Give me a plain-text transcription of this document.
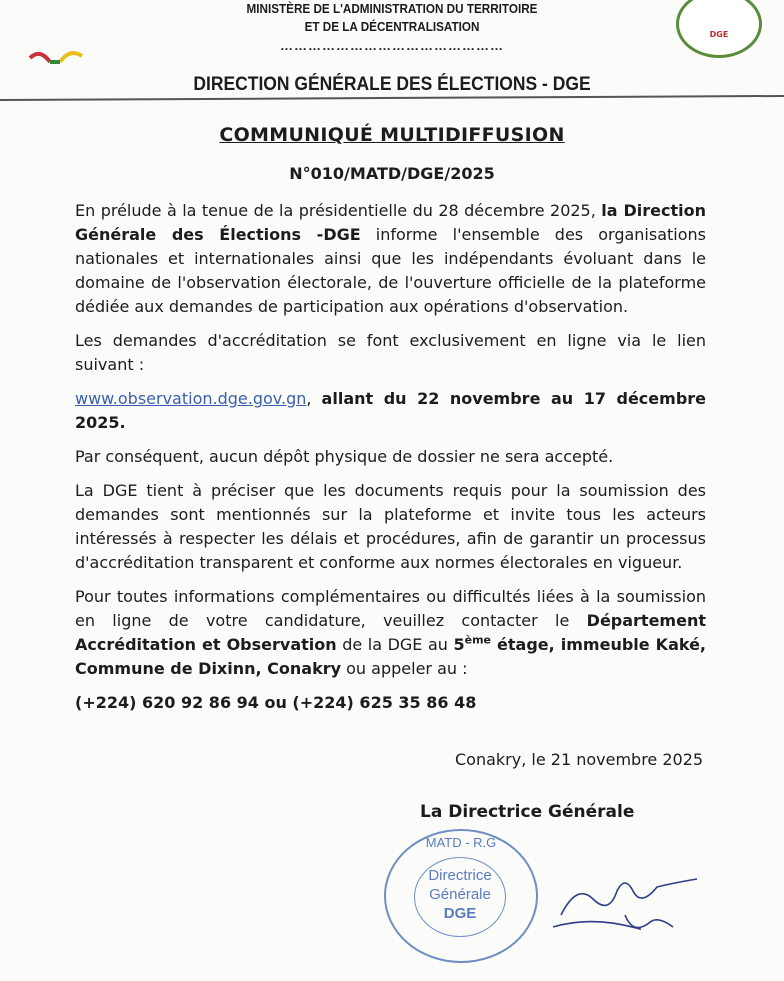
MINISTÈRE DE L'ADMINISTRATION DU TERRITOIRE
ET DE LA DÉCENTRALISATION
…………………………………………
DIRECTION GÉNÉRALE DES ÉLECTIONS - DGE
DGE
COMMUNIQUÉ MULTIDIFFUSION
N°010/MATD/DGE/2025

En prélude à la tenue de la présidentielle du 28 décembre 2025, la Direction Générale des Élections -DGE informe l'ensemble des organisations nationales et internationales ainsi que les indépendants évoluant dans le domaine de l'observation électorale, de l'ouverture officielle de la plateforme dédiée aux demandes de participation aux opérations d'observation.

Les demandes d'accréditation se font exclusivement en ligne via le lien suivant :

www.observation.dge.gov.gn, allant du 22 novembre au 17 décembre 2025.

Par conséquent, aucun dépôt physique de dossier ne sera accepté.

La DGE tient à préciser que les documents requis pour la soumission des demandes sont mentionnés sur la plateforme et invite tous les acteurs intéressés à respecter les délais et procédures, afin de garantir un processus d'accréditation transparent et conforme aux normes électorales en vigueur.

Pour toutes informations complémentaires ou difficultés liées à la soumission en ligne de votre candidature, veuillez contacter le Département Accréditation et Observation de la DGE au 5ème étage, immeuble Kaké, Commune de Dixinn, Conakry ou appeler au :

(+224) 620 92 86 94 ou (+224) 625 35 86 48

Conakry, le 21 novembre 2025
La Directrice Générale
MATD - R.G
Directrice
Générale
DGE
